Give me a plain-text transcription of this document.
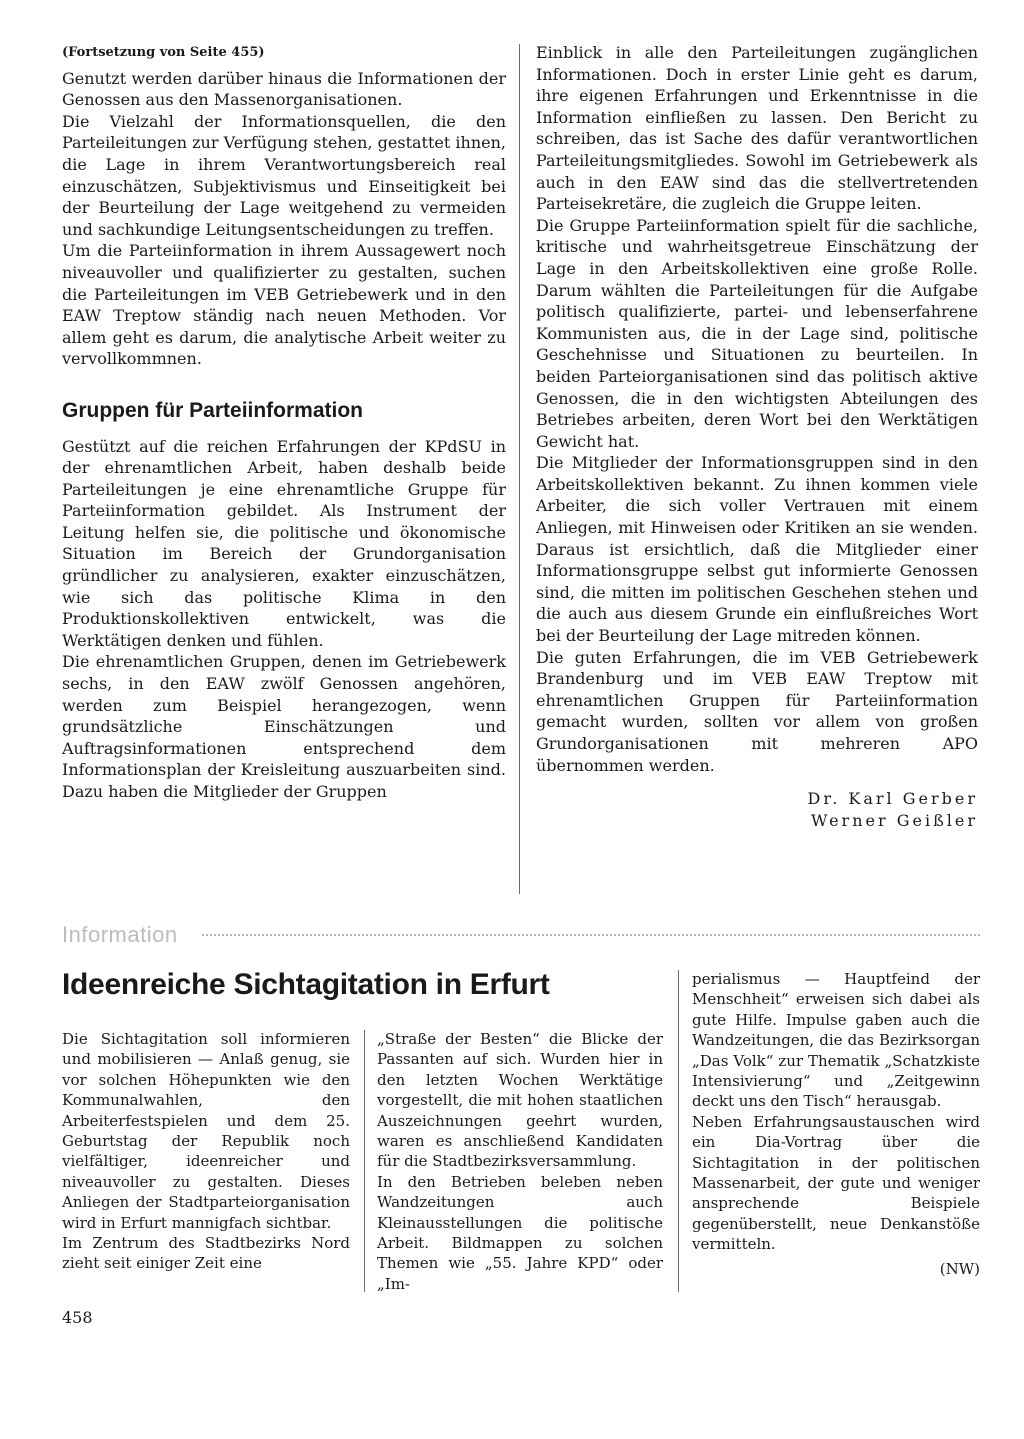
(Fortsetzung von Seite 455)

Genutzt werden darüber hinaus die Informationen der Genossen aus den Massenorganisationen.

Die Vielzahl der Informationsquellen, die den Parteileitungen zur Verfügung stehen, gestattet ihnen, die Lage in ihrem Verantwortungsbereich real einzuschätzen, Subjektivismus und Einseitigkeit bei der Beurteilung der Lage weitgehend zu vermeiden und sachkundige Leitungsentscheidungen zu treffen.

Um die Parteiinformation in ihrem Aussagewert noch niveauvoller und qualifizierter zu gestalten, suchen die Parteileitungen im VEB Getriebewerk und in den EAW Treptow ständig nach neuen Methoden. Vor allem geht es darum, die analytische Arbeit weiter zu vervollkommnen.

Gruppen für Parteiinformation

Gestützt auf die reichen Erfahrungen der KPdSU in der ehrenamtlichen Arbeit, haben deshalb beide Parteileitungen je eine ehrenamtliche Gruppe für Parteiinformation gebildet. Als Instrument der Leitung helfen sie, die politische und ökonomische Situation im Bereich der Grundorganisation gründlicher zu analysieren, exakter einzuschätzen, wie sich das politische Klima in den Produktionskollektiven entwickelt, was die Werktätigen denken und fühlen.

Die ehrenamtlichen Gruppen, denen im Getriebewerk sechs, in den EAW zwölf Genossen angehören, werden zum Beispiel herangezogen, wenn grundsätzliche Einschätzungen und Auftragsinformationen entsprechend dem Informationsplan der Kreisleitung auszuarbeiten sind. Dazu haben die Mitglieder der Gruppen

Einblick in alle den Parteileitungen zugänglichen Informationen. Doch in erster Linie geht es darum, ihre eigenen Erfahrungen und Erkenntnisse in die Information einfließen zu lassen. Den Bericht zu schreiben, das ist Sache des dafür verantwortlichen Parteileitungsmitgliedes. Sowohl im Getriebewerk als auch in den EAW sind das die stellvertretenden Parteisekretäre, die zugleich die Gruppe leiten.

Die Gruppe Parteiinformation spielt für die sachliche, kritische und wahrheitsgetreue Einschätzung der Lage in den Arbeitskollektiven eine große Rolle. Darum wählten die Parteileitungen für die Aufgabe politisch qualifizierte, partei- und lebenserfahrene Kommunisten aus, die in der Lage sind, politische Geschehnisse und Situationen zu beurteilen. In beiden Parteiorganisationen sind das politisch aktive Genossen, die in den wichtigsten Abteilungen des Betriebes arbeiten, deren Wort bei den Werktätigen Gewicht hat.

Die Mitglieder der Informationsgruppen sind in den Arbeitskollektiven bekannt. Zu ihnen kommen viele Arbeiter, die sich voller Vertrauen mit einem Anliegen, mit Hinweisen oder Kritiken an sie wenden. Daraus ist ersichtlich, daß die Mitglieder einer Informationsgruppe selbst gut informierte Genossen sind, die mitten im politischen Geschehen stehen und die auch aus diesem Grunde ein einflußreiches Wort bei der Beurteilung der Lage mitreden können.

Die guten Erfahrungen, die im VEB Getriebewerk Brandenburg und im VEB EAW Treptow mit ehrenamtlichen Gruppen für Parteiinformation gemacht wurden, sollten vor allem von großen Grundorganisationen mit mehreren APO übernommen werden.

Dr. Karl Gerber

Werner Geißler

Information
Ideenreiche Sichtagitation in Erfurt

Die Sichtagitation soll informieren und mobilisieren — Anlaß genug, sie vor solchen Höhepunkten wie den Kommunalwahlen, den Arbeiterfestspielen und dem 25. Geburtstag der Republik noch vielfältiger, ideenreicher und niveauvoller zu gestalten. Dieses Anliegen der Stadtparteiorganisation wird in Erfurt mannigfach sichtbar.

Im Zentrum des Stadtbezirks Nord zieht seit einiger Zeit eine

„Straße der Besten“ die Blicke der Passanten auf sich. Wurden hier in den letzten Wochen Werktätige vorgestellt, die mit hohen staatlichen Auszeichnungen geehrt wurden, waren es anschließend Kandidaten für die Stadtbezirksversammlung.

In den Betrieben beleben neben Wandzeitungen auch Kleinausstellungen die politische Arbeit. Bildmappen zu solchen Themen wie „55. Jahre KPD“ oder „Im-

perialismus — Hauptfeind der Menschheit“ erweisen sich dabei als gute Hilfe. Impulse gaben auch die Wandzeitungen, die das Bezirksorgan „Das Volk“ zur Thematik „Schatzkiste Intensivierung“ und „Zeitgewinn deckt uns den Tisch“ herausgab.

Neben Erfahrungsaustauschen wird ein Dia-Vortrag über die Sichtagitation in der politischen Massenarbeit, der gute und weniger ansprechende Beispiele gegenüberstellt, neue Denkanstöße vermitteln.

(NW)

458
